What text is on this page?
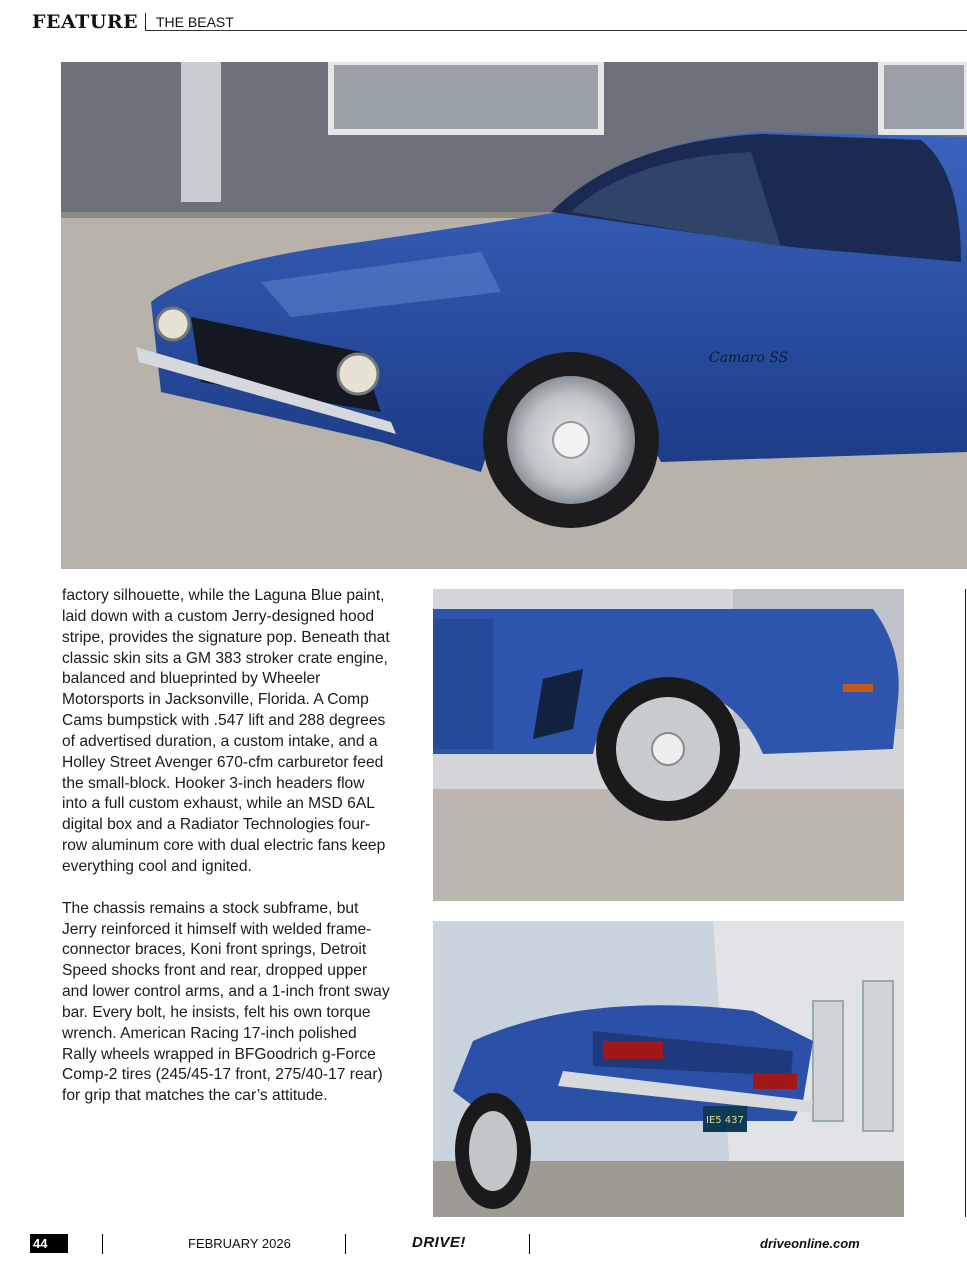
FEATURE THE BEAST
Camaro SS

factory silhouette, while the Laguna Blue paint, laid down with a custom Jerry-designed hood stripe, provides the signature pop. Beneath that classic skin sits a GM 383 stroker crate engine, balanced and blueprinted by Wheeler Motorsports in Jacksonville, Florida. A Comp Cams bumpstick with .547 lift and 288 degrees of advertised duration, a custom intake, and a Holley Street Avenger 670-cfm carburetor feed the small-block. Hooker 3-inch headers flow into a full custom exhaust, while an MSD 6AL digital box and a Radiator Technologies four-row aluminum core with dual electric fans keep everything cool and ignited.

The chassis remains a stock subframe, but Jerry reinforced it himself with welded frame-connector braces, Koni front springs, Detroit Speed shocks front and rear, dropped upper and lower control arms, and a 1-inch front sway bar. Every bolt, he insists, felt his own torque wrench. American Racing 17-inch polished Rally wheels wrapped in BFGoodrich g-Force Comp-2 tires (245/45-17 front, 275/40-17 rear) for grip that matches the car’s attitude.

IE5 437
44	FEBRUARY 2026	DRIVE!	driveonline.com
